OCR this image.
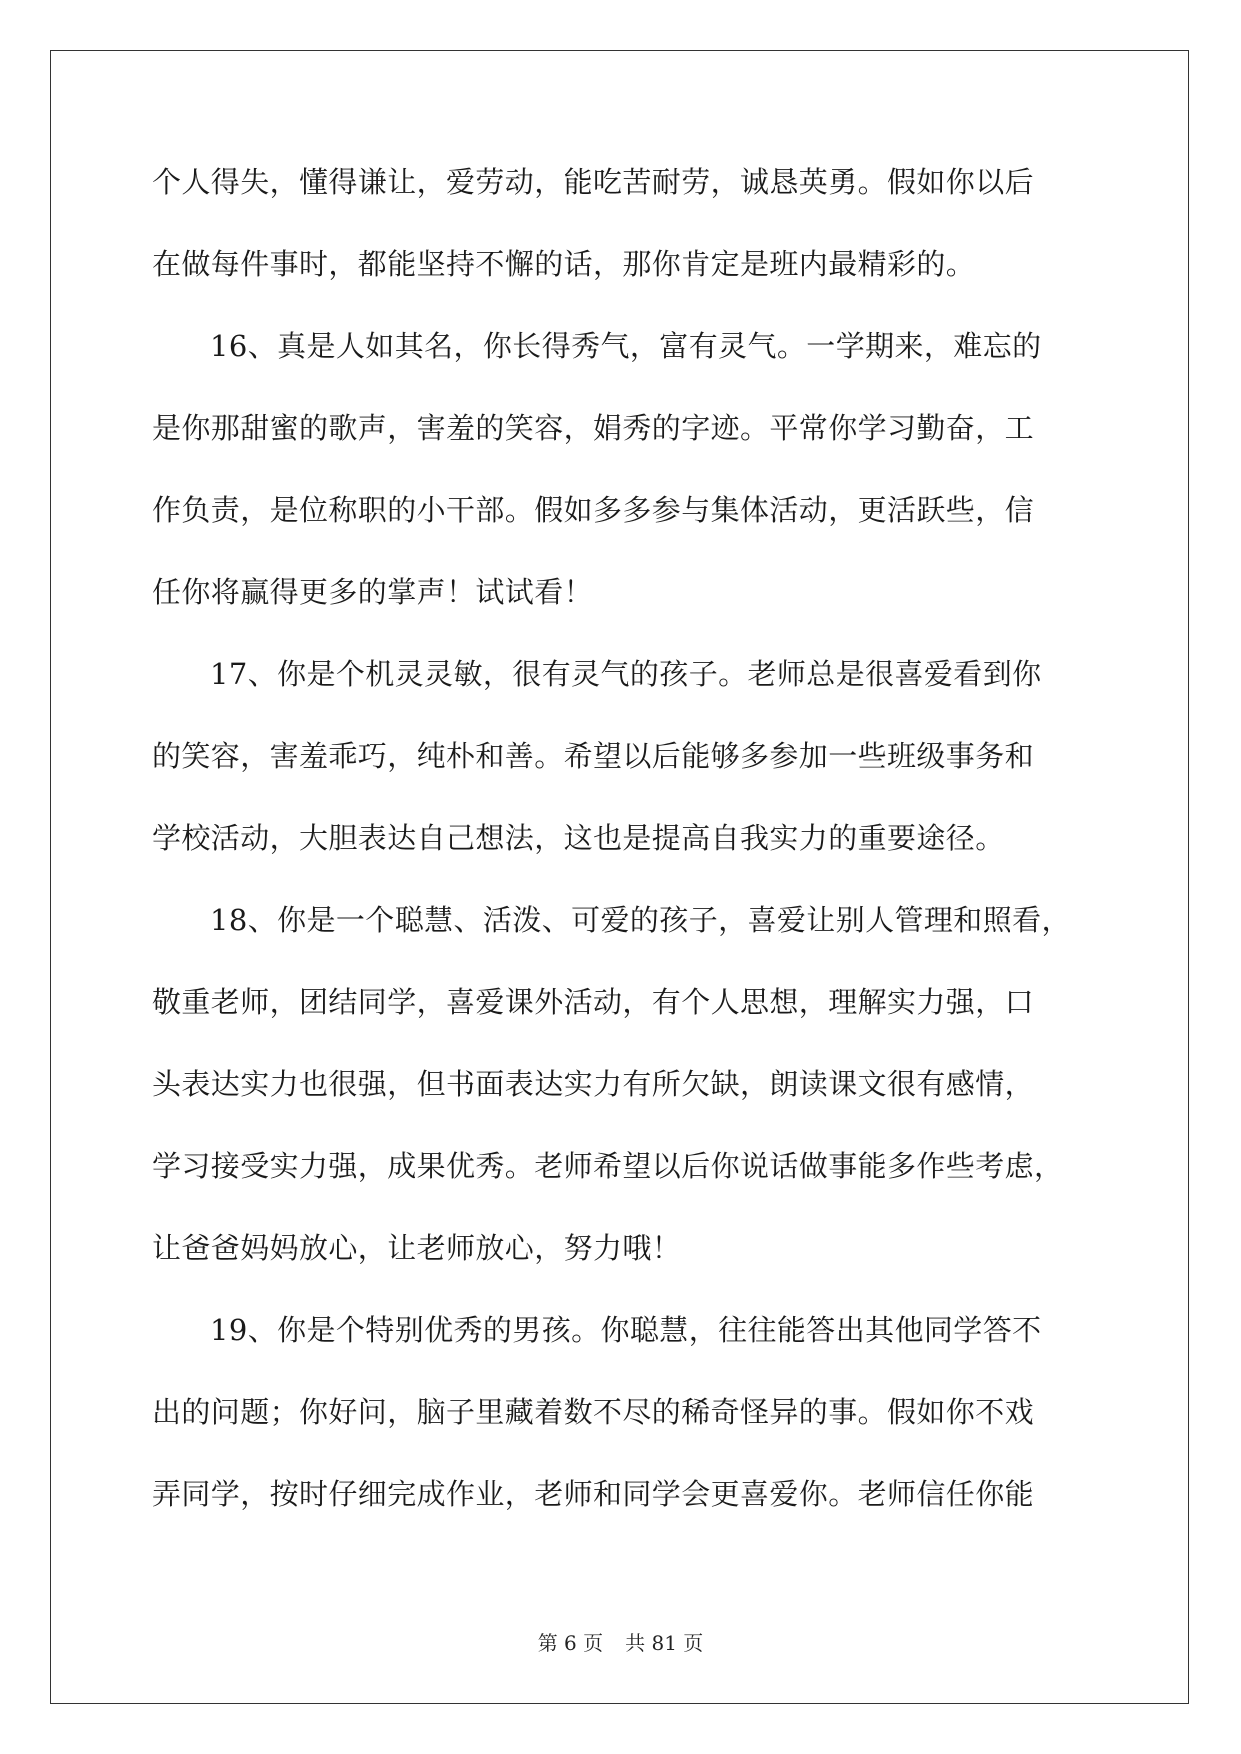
个人得失，懂得谦让，爱劳动，能吃苦耐劳，诚恳英勇。假如你以后
在做每件事时，都能坚持不懈的话，那你肯定是班内最精彩的。
16、真是人如其名，你长得秀气，富有灵气。一学期来，难忘的
是你那甜蜜的歌声，害羞的笑容，娟秀的字迹。平常你学习勤奋，工
作负责，是位称职的小干部。假如多多参与集体活动，更活跃些，信
任你将赢得更多的掌声！试试看！
17、你是个机灵灵敏，很有灵气的孩子。老师总是很喜爱看到你
的笑容，害羞乖巧，纯朴和善。希望以后能够多参加一些班级事务和
学校活动，大胆表达自己想法，这也是提高自我实力的重要途径。
18、你是一个聪慧、活泼、可爱的孩子，喜爱让别人管理和照看，
敬重老师，团结同学，喜爱课外活动，有个人思想，理解实力强，口
头表达实力也很强，但书面表达实力有所欠缺，朗读课文很有感情，
学习接受实力强，成果优秀。老师希望以后你说话做事能多作些考虑，
让爸爸妈妈放心，让老师放心，努力哦！
19、你是个特别优秀的男孩。你聪慧，往往能答出其他同学答不
出的问题；你好问，脑子里藏着数不尽的稀奇怪异的事。假如你不戏
弄同学，按时仔细完成作业，老师和同学会更喜爱你。老师信任你能
第 6 页 共 81 页
